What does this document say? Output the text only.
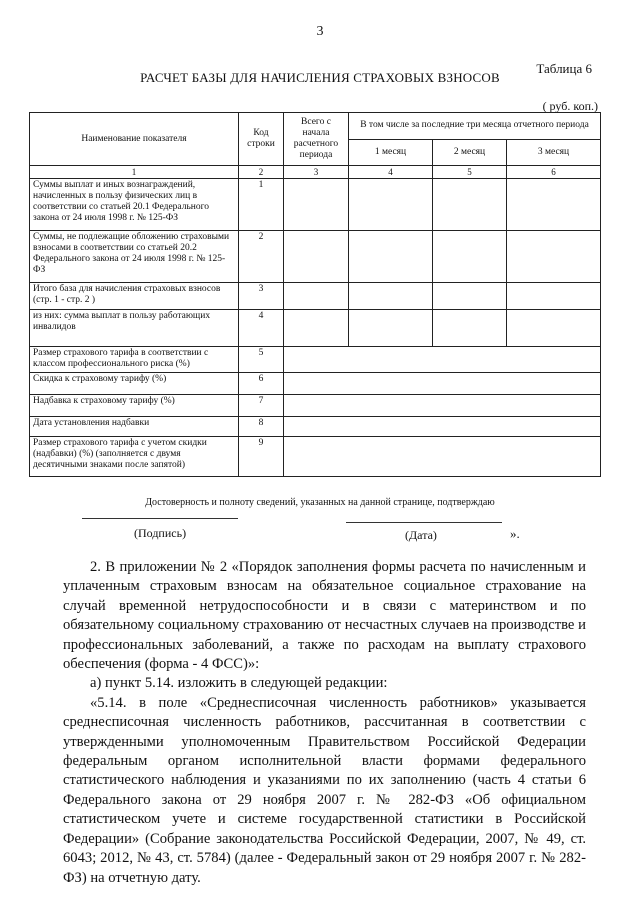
3
Таблица 6
РАСЧЕТ БАЗЫ ДЛЯ НАЧИСЛЕНИЯ СТРАХОВЫХ ВЗНОСОВ
( руб. коп.)
Наименование показателя	Код строки	Всего с начала расчетного периода	В том числе за последние три месяца отчетного периода		
			1 месяц	2 месяц	3 месяц
1	2	3	4	5	6
Суммы выплат и иных вознаграждений, начисленных в пользу физических лиц в соответствии со статьей 20.1 Федерального закона от 24 июля 1998 г. № 125-ФЗ	1				
Суммы, не подлежащие обложению страховыми взносами в соответствии со статьей 20.2 Федерального закона от 24 июля 1998 г. № 125-ФЗ	2				
Итого база для начисления страховых взносов (стр. 1 - стр. 2 )	3				
из них: сумма выплат в пользу работающих инвалидов	4				
Размер страхового тарифа в соответствии с классом профессионального риска (%)	5				
Скидка к страховому тарифу (%)	6				
Надбавка к страховому тарифу (%)	7				
Дата установления надбавки	8				
Размер страхового тарифа с учетом скидки (надбавки) (%) (заполняется с двумя десятичными знаками после запятой)	9				
Достоверность и полноту сведений, указанных на данной странице, подтверждаю
(Подпись)	(Дата)	».

2. В приложении № 2 «Порядок заполнения формы расчета по начисленным и уплаченным страховым взносам на обязательное социальное страхование на случай временной нетрудоспособности и в связи с материнством и по обязательному социальному страхованию от несчастных случаев на производстве и профессиональных заболеваний, а также по расходам на выплату страхового обеспечения (форма - 4 ФСС)»:

а) пункт 5.14. изложить в следующей редакции:

«5.14. в поле «Среднесписочная численность работников» указывается среднесписочная численность работников, рассчитанная в соответствии с утвержденными уполномоченным Правительством Российской Федерации федеральным органом исполнительной власти формами федерального статистического наблюдения и указаниями по их заполнению (часть 4 статьи 6 Федерального закона от 29 ноября 2007 г. № 282-ФЗ «Об официальном статистическом учете и системе государственной статистики в Российской Федерации» (Собрание законодательства Российской Федерации, 2007, № 49, ст. 6043; 2012, № 43, ст. 5784) (далее - Федеральный закон от 29 ноября 2007 г. № 282-ФЗ) на отчетную дату.
